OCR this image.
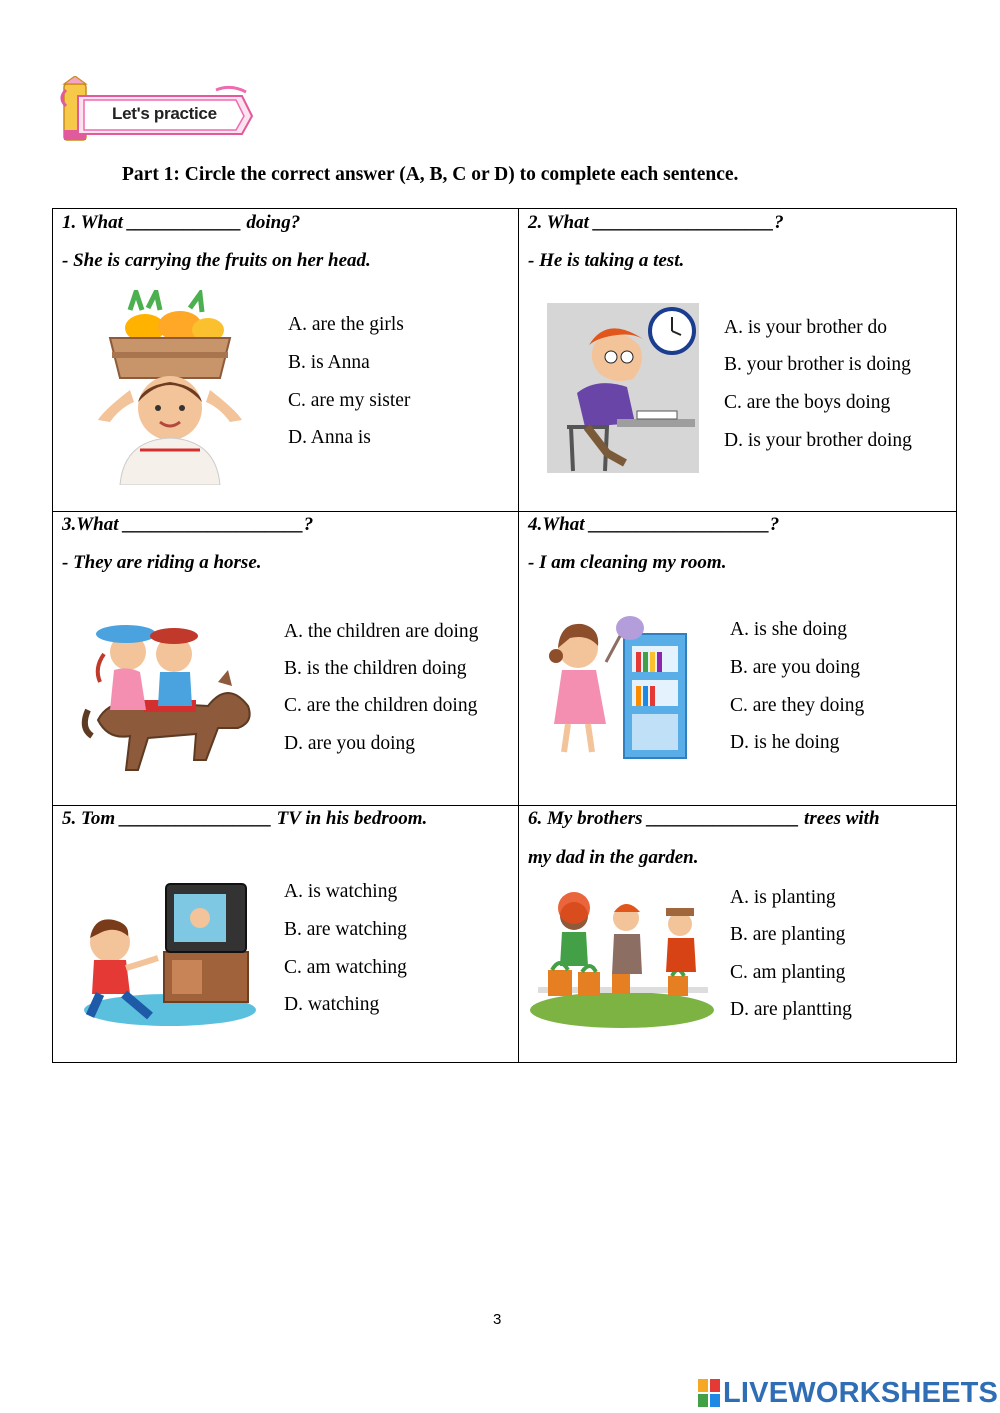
Let's practice
Part 1: Circle the correct answer (A, B, C or D) to complete each sentence.
1. What ____________ doing?
- She is carrying the fruits on her head.
A. are the girls
B. is Anna
C. are my sister
D. Anna is
2. What ___________________?
- He is taking a test.
A. is your brother do
B. your brother is doing
C. are the boys doing
D. is your brother doing
3.What ___________________?
- They are riding a horse.
A. the children are doing
B. is the children doing
C. are the children doing
D. are you doing
4.What ___________________?
- I am cleaning my room.
A. is she doing
B. are you doing
C. are they doing
D. is he doing
5. Tom ________________ TV in his bedroom.
A. is watching
B. are watching
C. am watching
D. watching
6. My brothers ________________ trees with
my dad in the garden.
A. is planting
B. are planting
C. am planting
D. are plantting
3
LIVEWORKSHEETS
